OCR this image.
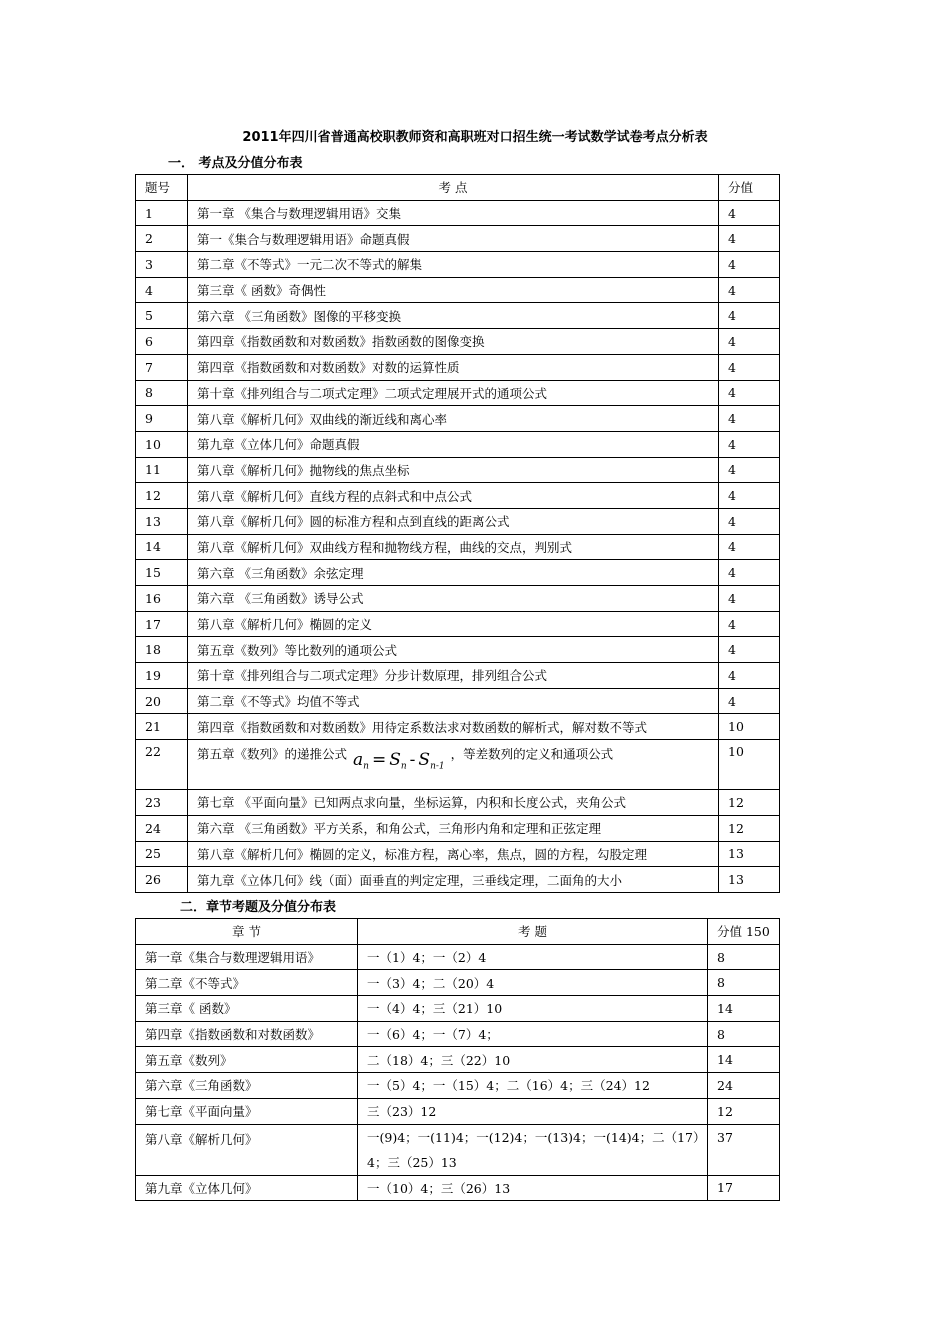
2011年四川省普通高校职教师资和高职班对口招生统一考试数学试卷考点分析表
一． 考点及分值分布表
题号	考 点	分值
1	第一章 《集合与数理逻辑用语》交集	4
2	第一《集合与数理逻辑用语》命题真假	4
3	第二章《不等式》一元二次不等式的解集	4
4	第三章《 函数》奇偶性	4
5	第六章 《三角函数》图像的平移变换	4
6	第四章《指数函数和对数函数》指数函数的图像变换	4
7	第四章《指数函数和对数函数》对数的运算性质	4
8	第十章《排列组合与二项式定理》二项式定理展开式的通项公式	4
9	第八章《解析几何》双曲线的渐近线和离心率	4
10	第九章《立体几何》命题真假	4
11	第八章《解析几何》抛物线的焦点坐标	4
12	第八章《解析几何》直线方程的点斜式和中点公式	4
13	第八章《解析几何》圆的标准方程和点到直线的距离公式	4
14	第八章《解析几何》双曲线方程和抛物线方程，曲线的交点，判别式	4
15	第六章 《三角函数》余弦定理	4
16	第六章 《三角函数》诱导公式	4
17	第八章《解析几何》椭圆的定义	4
18	第五章《数列》等比数列的通项公式	4
19	第十章《排列组合与二项式定理》分步计数原理，排列组合公式	4
20	第二章《不等式》均值不等式	4
21	第四章《指数函数和对数函数》用待定系数法求对数函数的解析式，解对数不等式	10
22	第五章《数列》的递推公式 $a_n = S_n - S_{n-1}$，等差数列的定义和通项公式	10
23	第七章 《平面向量》已知两点求向量，坐标运算，内积和长度公式，夹角公式	12
24	第六章 《三角函数》平方关系，和角公式，三角形内角和定理和正弦定理	12
25	第八章《解析几何》椭圆的定义，标准方程，离心率，焦点，圆的方程，勾股定理	13
26	第九章《立体几何》线（面）面垂直的判定定理，三垂线定理，二面角的大小	13
二．章节考题及分值分布表
章 节	考 题	分值 150
第一章《集合与数理逻辑用语》	一（1）4；一（2）4	8
第二章《不等式》	一（3）4；二（20）4	8
第三章《 函数》	一（4）4；三（21）10	14
第四章《指数函数和对数函数》	一（6）4；一（7）4；	8
第五章《数列》	二（18）4；三（22）10	14
第六章《三角函数》	一（5）4；一（15）4；二（16）4；三（24）12	24
第七章《平面向量》	三（23）12	12
第八章《解析几何》	一(9)4；一(11)4；一(12)4；一(13)4；一(14)4；二（17）4；三（25）13	37
第九章《立体几何》	一（10）4；三（26）13	17
